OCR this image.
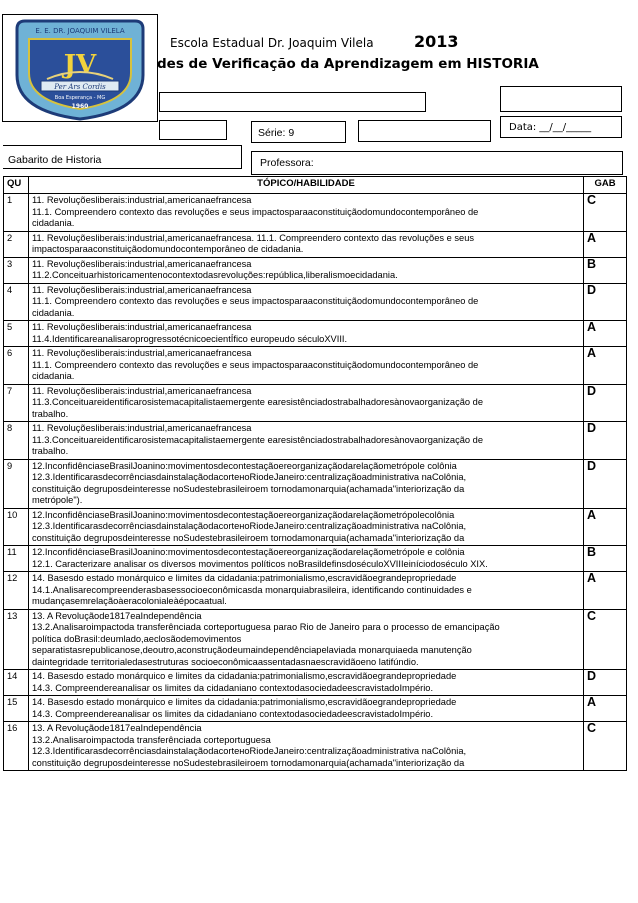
E. E. DR. JOAQUIM VILELA
JV
Per Ars Cordis
Boa Esperança - MG
1960
Escola Estadual Dr. Joaquim Vilela	2013
des de Verificação da Aprendizagem em HISTORIA
Série: 9	Data: __/__/_____
Gabarito de Historia	Professora:
QU	TÓPICO/HABILIDADE	GAB
1	11. Revoluçõesliberais:industrial,americanaefrancesa
11.1. Compreendero contexto das revoluções e seus impactosparaaconstituiçãodomundocontemporâneo de
cidadania.	C
2	11. Revoluçõesliberais:industrial,americanaefrancesa. 11.1. Compreendero contexto das revoluções e seus
impactosparaaconstituiçãodomundocontemporâneo de cidadania.	A
3	11. Revoluçõesliberais:industrial,americanaefrancesa
11.2.Conceituarhistoricamentenocontextodasrevoluções:república,liberalismoecidadania.	B
4	11. Revoluçõesliberais:industrial,americanaefrancesa
11.1. Compreendero contexto das revoluções e seus impactosparaaconstituiçãodomundocontemporâneo de
cidadania.	D
5	11. Revoluçõesliberais:industrial,americanaefrancesa
11.4.IdentificareanalisaroprogressotécnicoecientÍfico europeudo séculoXVIII.	A
6	11. Revoluçõesliberais:industrial,americanaefrancesa
11.1. Compreendero contexto das revoluções e seus impactosparaaconstituiçãodomundocontemporâneo de
cidadania.	A
7	11. Revoluçõesliberais:industrial,americanaefrancesa
11.3.Conceituareidentificarosistemacapitalistaemergente earesistênciadostrabalhadoresànovaorganização de
trabalho.	D
8	11. Revoluçõesliberais:industrial,americanaefrancesa
11.3.Conceituareidentificarosistemacapitalistaemergente earesistênciadostrabalhadoresànovaorganização de
trabalho.	D
9	12.InconfidênciaseBrasilJoanino:movimentosdecontestaçãoereorganizaçãodarelaçãometrópole colônia
12.3.IdentificarasdecorrênciasdainstalaçãodacorteноRiodeJaneiro:centralizaçãoadministrativa naColônia,
constituição degruposdeinteresse noSudestebrasileiroem tornodamonarquia(achamada"interiorização da
metrópole").	D
10	12.InconfidênciaseBrasilJoanino:movimentosdecontestaçãoereorganizaçãodarelaçãometrópolecolônia
12.3.IdentificarasdecorrênciasdainstalaçãodacorteноRiodeJaneiro:centralizaçãoadministrativa naColônia,
constituição degruposdeinteresse noSudestebrasileiroem tornodamonarquia(achamada"interiorização da	A
11	12.InconfidênciaseBrasilJoanino:movimentosdecontestaçãoereorganizaçãodarelaçãometrópole e colônia
12.1. Caracterizare analisar os diversos movimentos políticos noBrasildefinsdoséculoXVIIIeiníciodoséculo XIX.	B
12	14. Basesdo estado monárquico e limites da cidadania:patrimonialismo,escravidãoegrandepropriedade
14.1.Analisarecompreenderasbasessocioeconômicasda monarquiabrasileira, identificando continuidades e
mudançasemrelaçãoàeracolonialeàépocaatual.	A
13	13. A Revoluçãode1817eaIndependência
13.2.Analisaroimpactoda transferênciada corteportuguesa parao Rio de Janeiro para o processo de emancipação
política doBrasil:deumlado,aeclosãodemovimentos
separatistasrepublicanose,deoutro,aconstruçãodeumaindependênciapelaviada monarquiaeda manutenção
daintegridade territorialedasestruturas socioeconômicaassentadasnaescravidãoeno latifúndio.	C
14	14. Basesdo estado monárquico e limites da cidadania:patrimonialismo,escravidãoegrandepropriedade
14.3. Compreendereanalisar os limites da cidadaniano contextodasociedadeescravistadoImpério.	D
15	14. Basesdo estado monárquico e limites da cidadania:patrimonialismo,escravidãoegrandepropriedade
14.3. Compreendereanalisar os limites da cidadaniano contextodasociedadeescravistadoImpério.	A
16	13. A Revoluçãode1817eaIndependência
13.2.Analisaroimpactoda transferênciada corteportuguesa
12.3.IdentificarasdecorrênciasdainstalaçãodacorteноRiodeJaneiro:centralizaçãoadministrativa naColônia,
constituição degruposdeinteresse noSudestebrasileiroem tornodamonarquia(achamada"interiorização da	C
